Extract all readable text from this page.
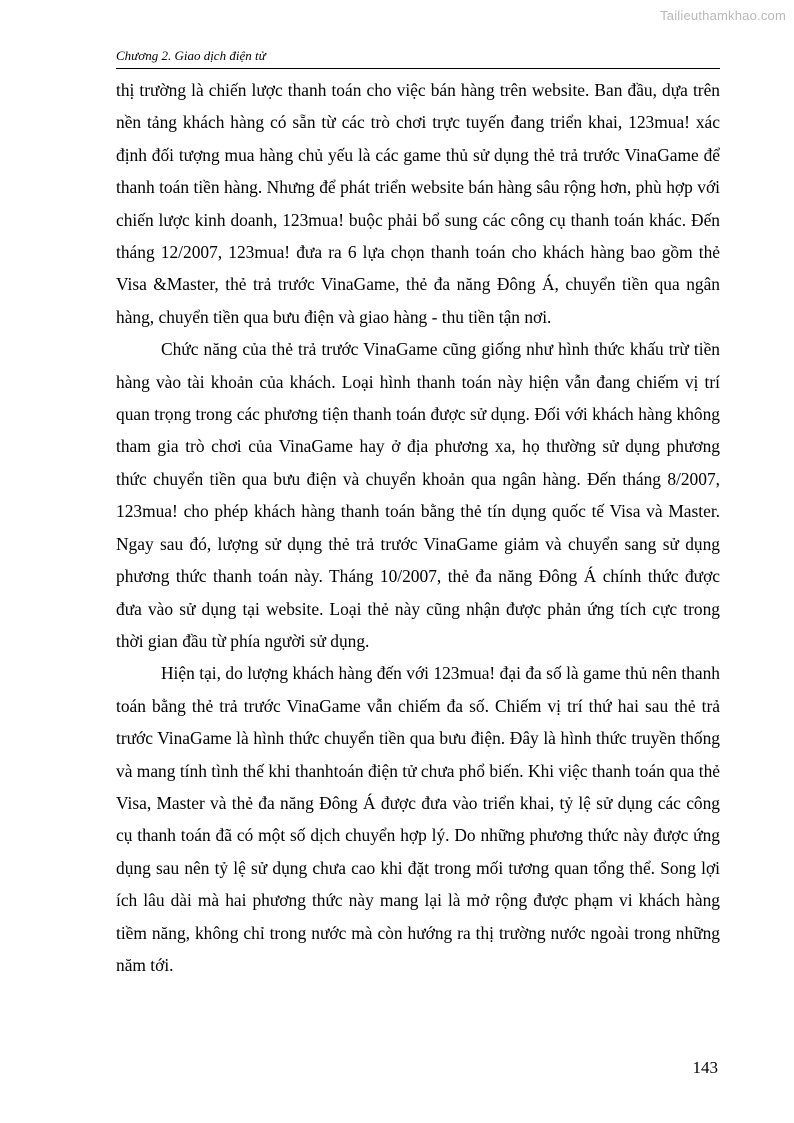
Tailieuthamkhao.com
Chương 2. Giao dịch điện tử

thị trường là chiến lược thanh toán cho việc bán hàng trên website. Ban đầu, dựa trên nền tảng khách hàng có sẵn từ các trò chơi trực tuyến đang triển khai, 123mua! xác định đối tượng mua hàng chủ yếu là các game thủ sử dụng thẻ trả trước VinaGame để thanh toán tiền hàng. Nhưng để phát triển website bán hàng sâu rộng hơn, phù hợp với chiến lược kinh doanh, 123mua! buộc phải bổ sung các công cụ thanh toán khác. Đến tháng 12/2007, 123mua! đưa ra 6 lựa chọn thanh toán cho khách hàng bao gồm thẻ Visa &Master, thẻ trả trước VinaGame, thẻ đa năng Đông Á, chuyển tiền qua ngân hàng, chuyển tiền qua bưu điện và giao hàng - thu tiền tận nơi.

Chức năng của thẻ trả trước VinaGame cũng giống như hình thức khấu trừ tiền hàng vào tài khoản của khách. Loại hình thanh toán này hiện vẫn đang chiếm vị trí quan trọng trong các phương tiện thanh toán được sử dụng. Đối với khách hàng không tham gia trò chơi của VinaGame hay ở địa phương xa, họ thường sử dụng phương thức chuyển tiền qua bưu điện và chuyển khoản qua ngân hàng. Đến tháng 8/2007, 123mua! cho phép khách hàng thanh toán bằng thẻ tín dụng quốc tế Visa và Master. Ngay sau đó, lượng sử dụng thẻ trả trước VinaGame giảm và chuyển sang sử dụng phương thức thanh toán này. Tháng 10/2007, thẻ đa năng Đông Á chính thức được đưa vào sử dụng tại website. Loại thẻ này cũng nhận được phản ứng tích cực trong thời gian đầu từ phía người sử dụng.

Hiện tại, do lượng khách hàng đến với 123mua! đại đa số là game thủ nên thanh toán bằng thẻ trả trước VinaGame vẫn chiếm đa số. Chiếm vị trí thứ hai sau thẻ trả trước VinaGame là hình thức chuyển tiền qua bưu điện. Đây là hình thức truyền thống và mang tính tình thế khi thanhtoán điện tử chưa phổ biến. Khi việc thanh toán qua thẻ Visa, Master và thẻ đa năng Đông Á được đưa vào triển khai, tỷ lệ sử dụng các công cụ thanh toán đã có một số dịch chuyển hợp lý. Do những phương thức này được ứng dụng sau nên tỷ lệ sử dụng chưa cao khi đặt trong mối tương quan tổng thể. Song lợi ích lâu dài mà hai phương thức này mang lại là mở rộng được phạm vi khách hàng tiềm năng, không chỉ trong nước mà còn hướng ra thị trường nước ngoài trong những năm tới.

143
